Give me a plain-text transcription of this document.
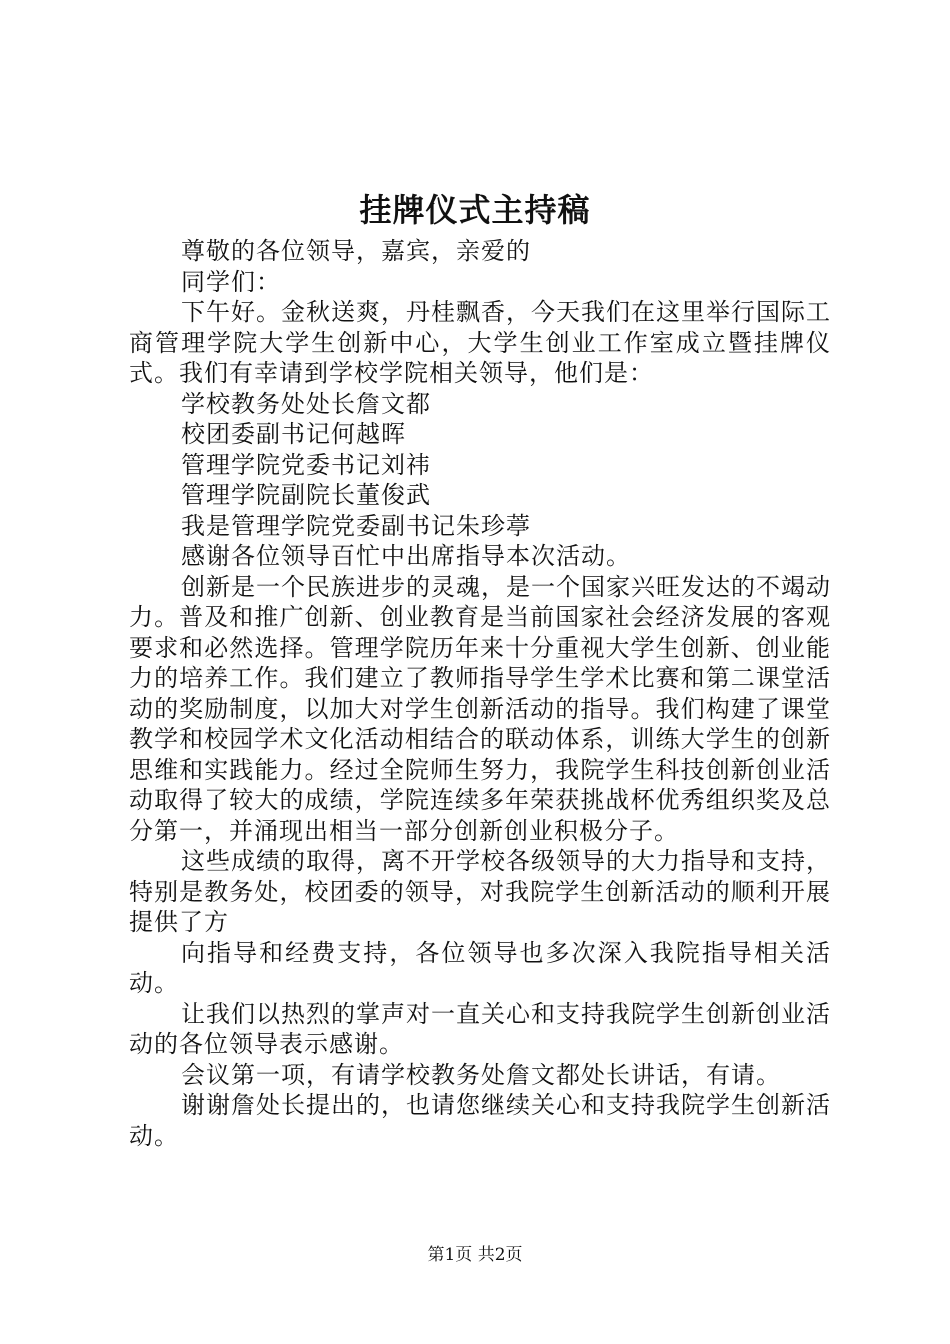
挂牌仪式主持稿

尊敬的各位领导，嘉宾，亲爱的

同学们：

下午好。金秋送爽，丹桂飘香，今天我们在这里举行国际工商管理学院大学生创新中心，大学生创业工作室成立暨挂牌仪式。我们有幸请到学校学院相关领导，他们是：

学校教务处处长詹文都

校团委副书记何越晖

管理学院党委书记刘祎

管理学院副院长董俊武

我是管理学院党委副书记朱珍葶

感谢各位领导百忙中出席指导本次活动。

创新是一个民族进步的灵魂，是一个国家兴旺发达的不竭动力。普及和推广创新、创业教育是当前国家社会经济发展的客观要求和必然选择。管理学院历年来十分重视大学生创新、创业能力的培养工作。我们建立了教师指导学生学术比赛和第二课堂活动的奖励制度，以加大对学生创新活动的指导。我们构建了课堂教学和校园学术文化活动相结合的联动体系，训练大学生的创新思维和实践能力。经过全院师生努力，我院学生科技创新创业活动取得了较大的成绩，学院连续多年荣获挑战杯优秀组织奖及总分第一，并涌现出相当一部分创新创业积极分子。

这些成绩的取得，离不开学校各级领导的大力指导和支持，特别是教务处，校团委的领导，对我院学生创新活动的顺利开展提供了方

向指导和经费支持，各位领导也多次深入我院指导相关活动。

让我们以热烈的掌声对一直关心和支持我院学生创新创业活动的各位领导表示感谢。

会议第一项，有请学校教务处詹文都处长讲话，有请。

谢谢詹处长提出的，也请您继续关心和支持我院学生创新活动。

第1页 共2页
